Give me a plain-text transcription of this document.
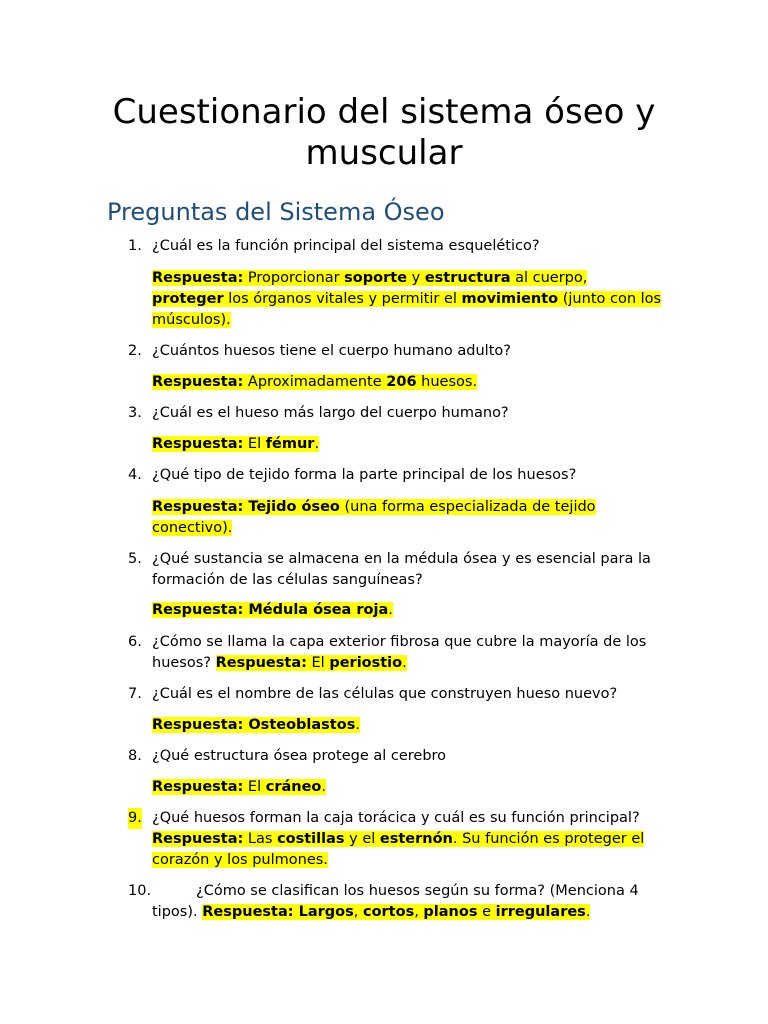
Cuestionario del sistema óseo y muscular
Preguntas del Sistema Óseo
1. ¿Cuál es la función principal del sistema esquelético?
Respuesta: Proporcionar soporte y estructura al cuerpo, proteger los órganos vitales y permitir el movimiento (junto con los músculos).
2. ¿Cuántos huesos tiene el cuerpo humano adulto?
Respuesta: Aproximadamente 206 huesos.
3. ¿Cuál es el hueso más largo del cuerpo humano?
Respuesta: El fémur.
4. ¿Qué tipo de tejido forma la parte principal de los huesos?
Respuesta: Tejido óseo (una forma especializada de tejido conectivo).
5. ¿Qué sustancia se almacena en la médula ósea y es esencial para la formación de las células sanguíneas?
Respuesta: Médula ósea roja.
6. ¿Cómo se llama la capa exterior fibrosa que cubre la mayoría de los huesos? Respuesta: El periostio.
7. ¿Cuál es el nombre de las células que construyen hueso nuevo?
Respuesta: Osteoblastos.
8. ¿Qué estructura ósea protege al cerebro
Respuesta: El cráneo.
9. ¿Qué huesos forman la caja torácica y cuál es su función principal? Respuesta: Las costillas y el esternón. Su función es proteger el corazón y los pulmones.
10.	¿Cómo se clasifican los huesos según su forma? (Menciona 4 tipos). Respuesta: Largos, cortos, planos e irregulares.
